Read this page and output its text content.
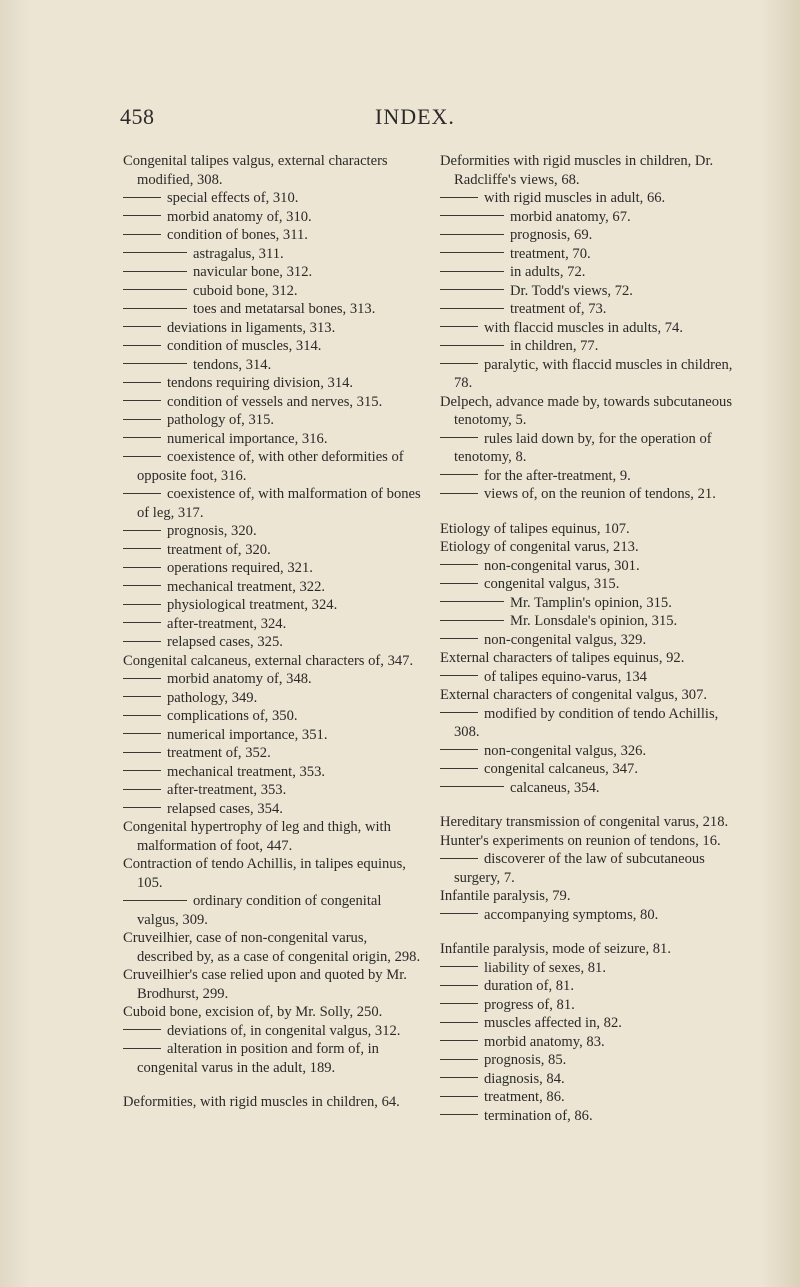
458	INDEX.

Congenital talipes valgus, external characters modified, 308.

special effects of, 310.

morbid anatomy of, 310.

condition of bones, 311.

astragalus, 311.

navicular bone, 312.

cuboid bone, 312.

toes and metatarsal bones, 313.

deviations in ligaments, 313.

condition of muscles, 314.

tendons, 314.

tendons requiring division, 314.

condition of vessels and nerves, 315.

pathology of, 315.

numerical importance, 316.

coexistence of, with other deformities of opposite foot, 316.

coexistence of, with malformation of bones of leg, 317.

prognosis, 320.

treatment of, 320.

operations required, 321.

mechanical treatment, 322.

physiological treatment, 324.

after-treatment, 324.

relapsed cases, 325.

Congenital calcaneus, external characters of, 347.

morbid anatomy of, 348.

pathology, 349.

complications of, 350.

numerical importance, 351.

treatment of, 352.

mechanical treatment, 353.

after-treatment, 353.

relapsed cases, 354.

Congenital hypertrophy of leg and thigh, with malformation of foot, 447.

Contraction of tendo Achillis, in talipes equinus, 105.

ordinary condition of congenital valgus, 309.

Cruveilhier, case of non-congenital varus, described by, as a case of congenital origin, 298.

Cruveilhier's case relied upon and quoted by Mr. Brodhurst, 299.

Cuboid bone, excision of, by Mr. Solly, 250.

deviations of, in congenital valgus, 312.

alteration in position and form of, in congenital varus in the adult, 189.

Deformities, with rigid muscles in children, 64.

Deformities with rigid muscles in children, Dr. Radcliffe's views, 68.

with rigid muscles in adult, 66.

morbid anatomy, 67.

prognosis, 69.

treatment, 70.

in adults, 72.

Dr. Todd's views, 72.

treatment of, 73.

with flaccid muscles in adults, 74.

in children, 77.

paralytic, with flaccid muscles in children, 78.

Delpech, advance made by, towards subcutaneous tenotomy, 5.

rules laid down by, for the operation of tenotomy, 8.

for the after-treatment, 9.

views of, on the reunion of tendons, 21.

Etiology of talipes equinus, 107.

Etiology of congenital varus, 213.

non-congenital varus, 301.

congenital valgus, 315.

Mr. Tamplin's opinion, 315.

Mr. Lonsdale's opinion, 315.

non-congenital valgus, 329.

External characters of talipes equinus, 92.

of talipes equino-varus, 134

External characters of congenital valgus, 307.

modified by condition of tendo Achillis, 308.

non-congenital valgus, 326.

congenital calcaneus, 347.

calcaneus, 354.

Hereditary transmission of congenital varus, 218.

Hunter's experiments on reunion of tendons, 16.

discoverer of the law of subcutaneous surgery, 7.

Infantile paralysis, 79.

accompanying symptoms, 80.

Infantile paralysis, mode of seizure, 81.

liability of sexes, 81.

duration of, 81.

progress of, 81.

muscles affected in, 82.

morbid anatomy, 83.

prognosis, 85.

diagnosis, 84.

treatment, 86.

termination of, 86.
